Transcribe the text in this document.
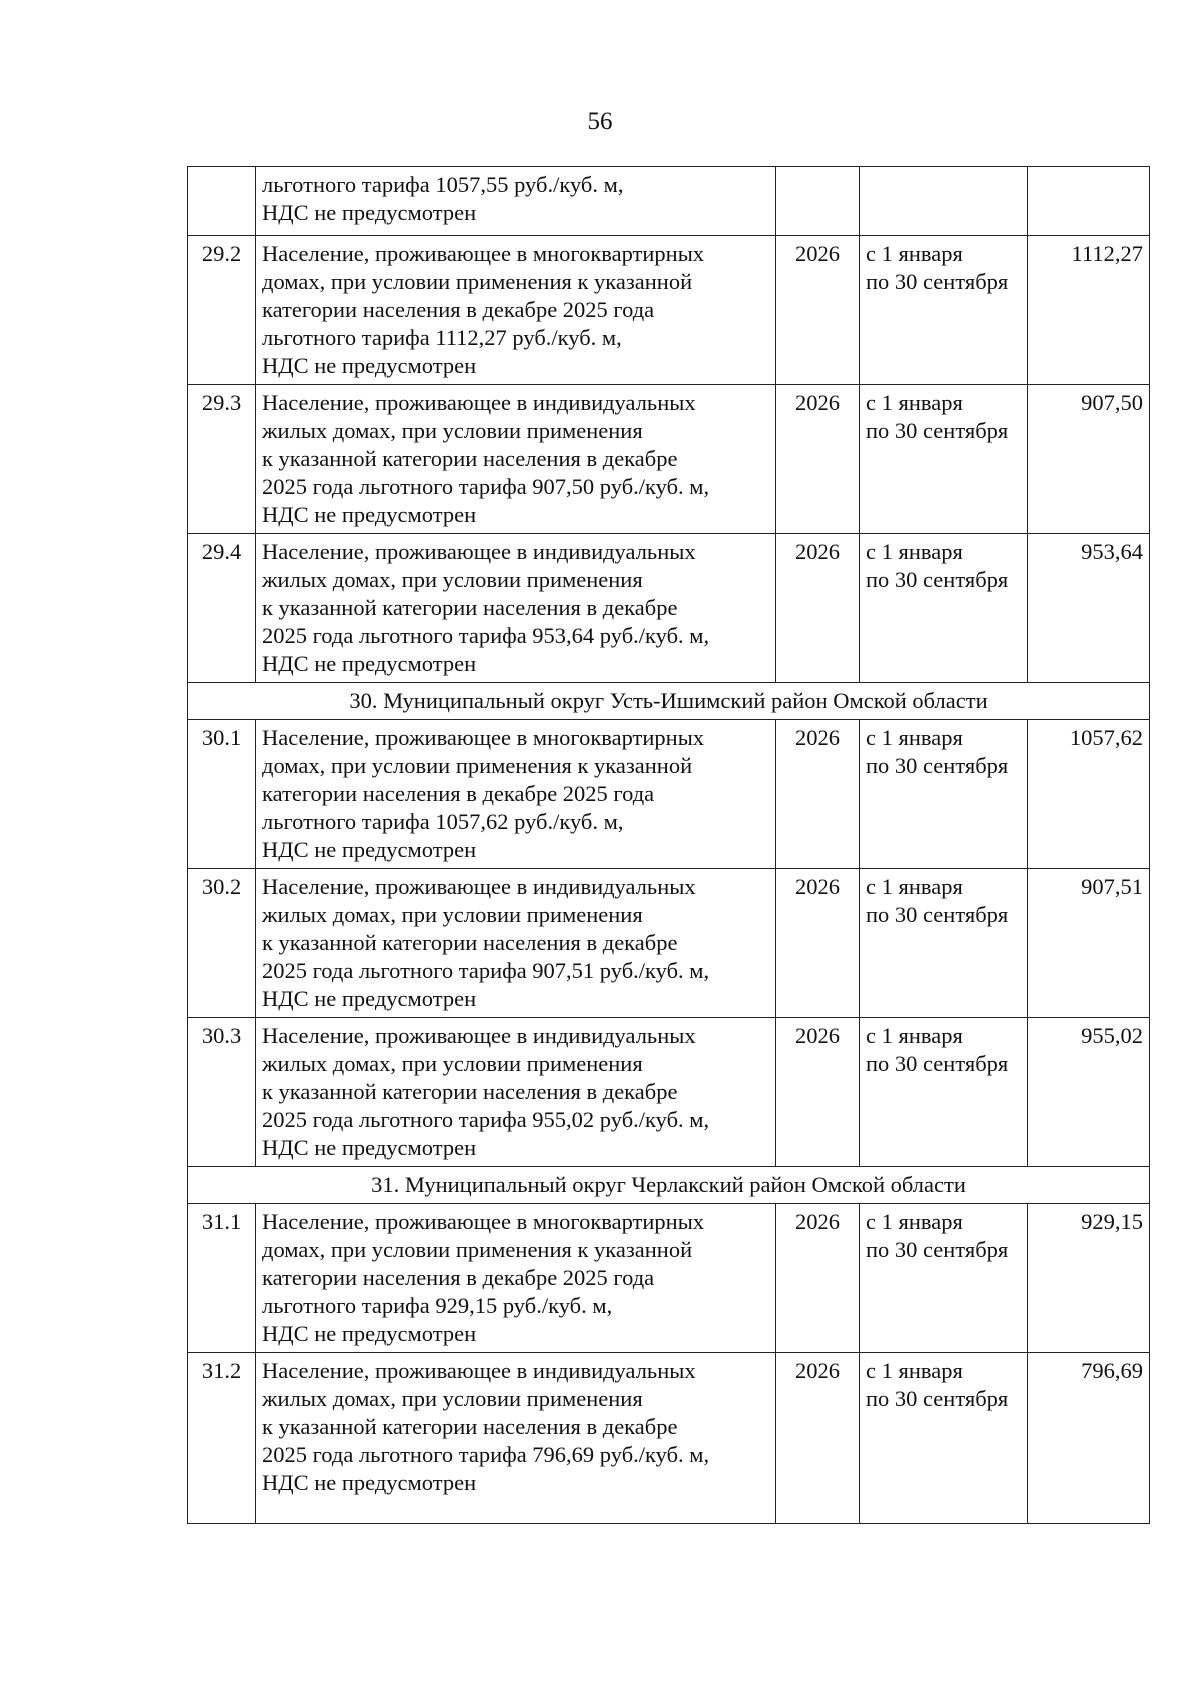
56
	льготного тарифа 1057,55 руб./куб. м,
НДС не предусмотрен			
29.2	Население, проживающее в многоквартирных
домах, при условии применения к указанной
категории населения в декабре 2025 года
льготного тарифа 1112,27 руб./куб. м,
НДС не предусмотрен	2026	с 1 января
по 30 сентября	1112,27
29.3	Население, проживающее в индивидуальных
жилых домах, при условии применения
к указанной категории населения в декабре
2025 года льготного тарифа 907,50 руб./куб. м,
НДС не предусмотрен	2026	с 1 января
по 30 сентября	907,50
29.4	Население, проживающее в индивидуальных
жилых домах, при условии применения
к указанной категории населения в декабре
2025 года льготного тарифа 953,64 руб./куб. м,
НДС не предусмотрен	2026	с 1 января
по 30 сентября	953,64
30. Муниципальный округ Усть-Ишимский район Омской области				
30.1	Население, проживающее в многоквартирных
домах, при условии применения к указанной
категории населения в декабре 2025 года
льготного тарифа 1057,62 руб./куб. м,
НДС не предусмотрен	2026	с 1 января
по 30 сентября	1057,62
30.2	Население, проживающее в индивидуальных
жилых домах, при условии применения
к указанной категории населения в декабре
2025 года льготного тарифа 907,51 руб./куб. м,
НДС не предусмотрен	2026	с 1 января
по 30 сентября	907,51
30.3	Население, проживающее в индивидуальных
жилых домах, при условии применения
к указанной категории населения в декабре
2025 года льготного тарифа 955,02 руб./куб. м,
НДС не предусмотрен	2026	с 1 января
по 30 сентября	955,02
31. Муниципальный округ Черлакский район Омской области				
31.1	Население, проживающее в многоквартирных
домах, при условии применения к указанной
категории населения в декабре 2025 года
льготного тарифа 929,15 руб./куб. м,
НДС не предусмотрен	2026	с 1 января
по 30 сентября	929,15
31.2	Население, проживающее в индивидуальных
жилых домах, при условии применения
к указанной категории населения в декабре
2025 года льготного тарифа 796,69 руб./куб. м,
НДС не предусмотрен	2026	с 1 января
по 30 сентября	796,69
